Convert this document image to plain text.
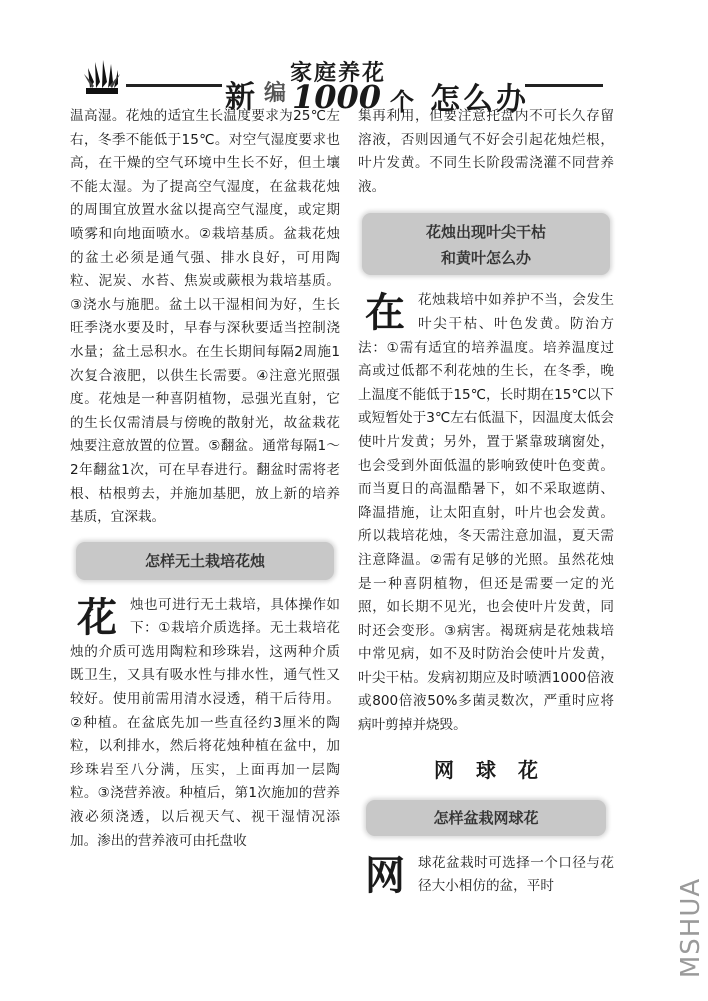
家庭养花
新 编 1000 个 怎么办

温高湿。花烛的适宜生长温度要求为25℃左右，冬季不能低于15℃。对空气湿度要求也高，在干燥的空气环境中生长不好，但土壤不能太湿。为了提高空气湿度，在盆栽花烛的周围宜放置水盆以提高空气湿度，或定期喷雾和向地面喷水。②栽培基质。盆栽花烛的盆土必须是通气强、排水良好，可用陶粒、泥炭、水苔、焦炭或蕨根为栽培基质。③浇水与施肥。盆土以干湿相间为好，生长旺季浇水要及时，早春与深秋要适当控制浇水量；盆土忌积水。在生长期间每隔2周施1次复合液肥，以供生长需要。④注意光照强度。花烛是一种喜阴植物，忌强光直射，它的生长仅需清晨与傍晚的散射光，故盆栽花烛要注意放置的位置。⑤翻盆。通常每隔1～2年翻盆1次，可在早春进行。翻盆时需将老根、枯根剪去，并施加基肥，放上新的培养基质，宜深栽。

怎样无土栽培花烛

花 烛也可进行无土栽培，具体操作如下：①栽培介质选择。无土栽培花烛的介质可选用陶粒和珍珠岩，这两种介质既卫生，又具有吸水性与排水性，通气性又较好。使用前需用清水浸透，稍干后待用。②种植。在盆底先加一些直径约3厘米的陶粒，以利排水，然后将花烛种植在盆中，加珍珠岩至八分满，压实，上面再加一层陶粒。③浇营养液。种植后，第1次施加的营养液必须浇透，以后视天气、视干湿情况添加。渗出的营养液可由托盘收

集再利用，但要注意托盘内不可长久存留溶液，否则因通气不好会引起花烛烂根，叶片发黄。不同生长阶段需浇灌不同营养液。

花烛出现叶尖干枯
和黄叶怎么办

在 花烛栽培中如养护不当，会发生叶尖干枯、叶色发黄。防治方法：①需有适宜的培养温度。培养温度过高或过低都不利花烛的生长，在冬季，晚上温度不能低于15℃，长时期在15℃以下或短暂处于3℃左右低温下，因温度太低会使叶片发黄；另外，置于紧靠玻璃窗处，也会受到外面低温的影响致使叶色变黄。而当夏日的高温酷暑下，如不采取遮荫、降温措施，让太阳直射，叶片也会发黄。所以栽培花烛，冬天需注意加温，夏天需注意降温。②需有足够的光照。虽然花烛是一种喜阴植物，但还是需要一定的光照，如长期不见光，也会使叶片发黄，同时还会变形。③病害。褐斑病是花烛栽培中常见病，如不及时防治会使叶片发黄，叶尖干枯。发病初期应及时喷洒1000倍液或800倍液50%多菌灵数次，严重时应将病叶剪掉并烧毁。

网球花
怎样盆栽网球花

网 球花盆栽时可选择一个口径与花径大小相仿的盆，平时	MSHUA
